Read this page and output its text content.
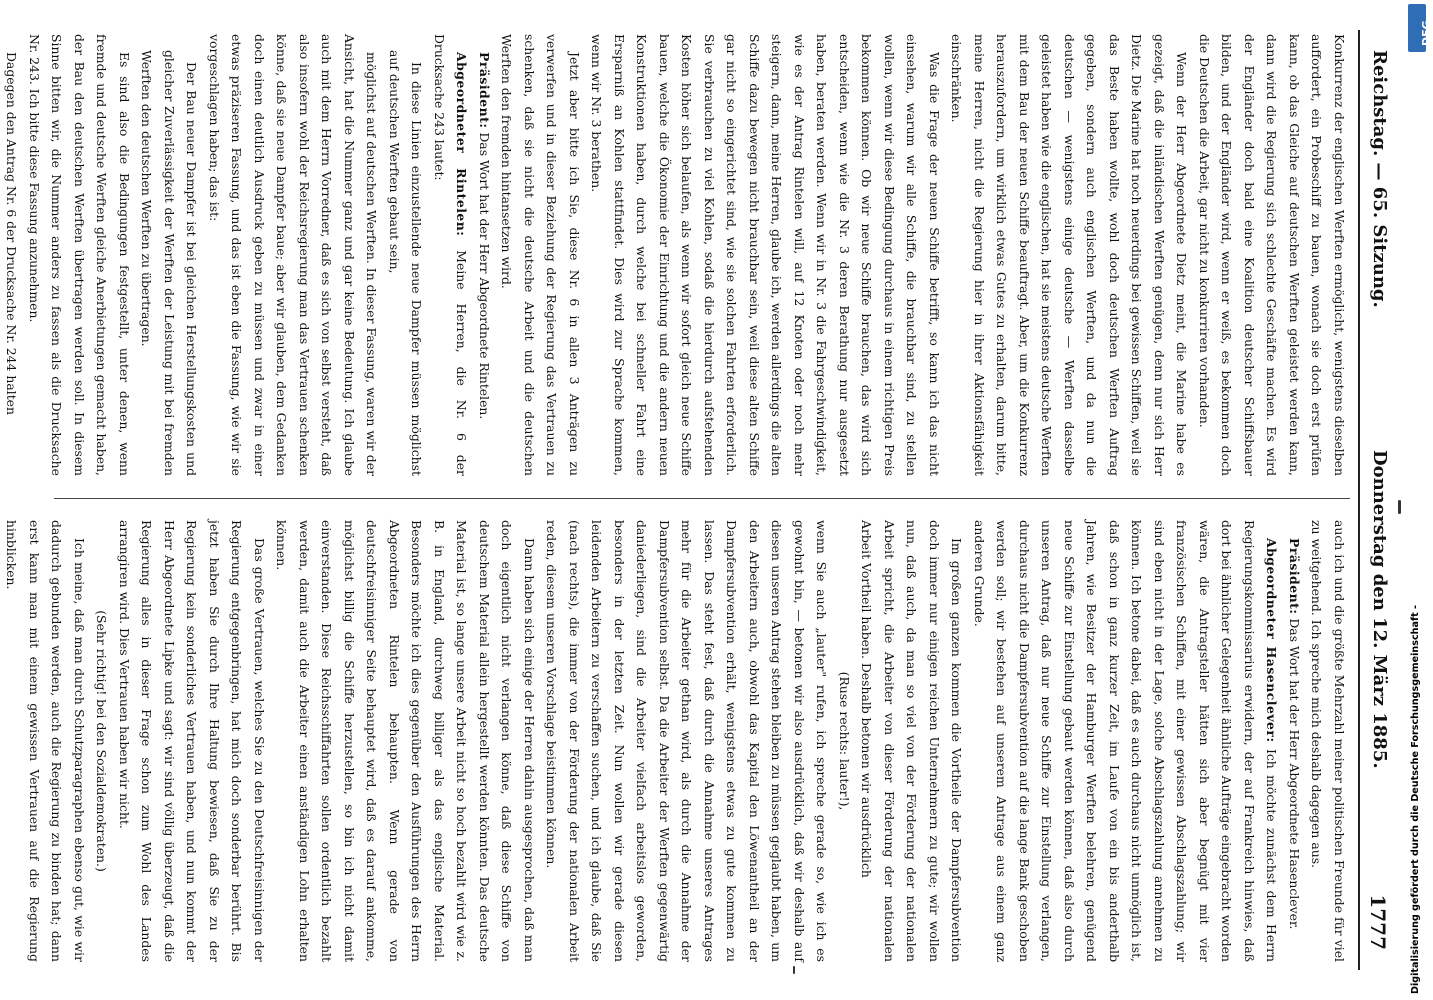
Reichstag. — 65. Sitzung.
Donnerstag den 12. März 1885.
1777

Konkurrenz der englischen Werften ermöglicht, wenigstens dieselben auffordert, ein Probeschiff zu bauen, wonach sie doch erst prüfen kann, ob das Gleiche auf deutschen Werften geleistet werden kann, dann wird die Regierung sich schlechte Geschäfte machen. Es wird der Engländer doch bald eine Koalition deutscher Schiffsbauer bilden, und der Engländer wird, wenn er weiß, es bekommen doch die Deutschen die Arbeit, gar nicht zu konkurriren vorhanden.

Wenn der Herr Abgeordnete Dietz meint, die Marine habe es gezeigt, daß die inländischen Werften genügen, denn nur sich Herr Dietz. Die Marine hat noch neuerdings bei gewissen Schiffen, weil sie das Beste haben wollte, wohl doch deutschen Werften Auftrag gegeben, sondern auch englischen Werften, und da nun die deutschen — wenigstens einige deutsche — Werften dasselbe geleistet haben wie die englischen, hat sie meistens deutsche Werften mit dem Bau der neuen Schiffe beauftragt. Aber, um die Konkurrenz herauszufordern, um wirklich etwas Gutes zu erhalten, darum bitte, meine Herren, nicht die Regierung hier in ihrer Aktionsfähigkeit einschränken.

Was die Frage der neuen Schiffe betrifft, so kann ich das nicht einsehen, warum wir alle Schiffe, die brauchbar sind, zu stellen wollen, wenn wir diese Bedingung durchaus in einem richtigen Preis bekommen können. Ob wir neue Schiffe brauchen, das wird sich entscheiden, wenn wie die Nr. 3 deren Berathung nur ausgesetzt haben, beraten werden. Wenn wir in Nr. 3 die Fahrgeschwindigkeit, wie es der Antrag Rintelen will, auf 12 Knoten oder noch mehr steigern, dann, meine Herren, glaube ich, werden allerdings die alten Schiffe dazu bewegen nicht brauchbar sein, weil diese alten Schiffe gar nicht so eingerichtet sind, wie sie solchen Fahrten erforderlich. Sie verbrauchen zu viel Kohlen, sodaß die hierdurch aufstehenden Kosten höher sich belaufen, als wenn wir sofort gleich neue Schiffe bauen, welche die Ökonomie der Einrichtung und die andern neuen Konstruktionen haben, durch welche bei schneller Fahrt eine Ersparniß an Kohlen stattfindet. Dies wird zur Sprache kommen, wenn wir Nr. 3 berathen.

Jetzt aber bitte ich Sie, diese Nr. 6 in allen 3 Anträgen zu verwerfen und in dieser Beziehung der Regierung das Vertrauen zu schenken, daß sie nicht die deutsche Arbeit und die deutschen Werften den fremden hintansetzen wird.

Präsident: Das Wort hat der Herr Abgeordnete Rintelen.

Abgeordneter Rintelen: Meine Herren, die Nr. 6 der Drucksache 243 lautet:

In diese Linien einzustellende neue Dampfer müssen möglichst auf deutschen Werften gebaut sein,

möglichst auf deutschen Werften. In dieser Fassung, waren wir der Ansicht, hat die Nummer ganz und gar keine Bedeutung. Ich glaube auch mit dem Herrn Vorredner, daß es sich von selbst versteht, daß also insofern wohl der Reichsregierung man das Vertrauen schenken könne, daß sie neue Dampfer baue; aber wir glauben, dem Gedanken doch einen deutlich Ausdruck geben zu müssen und zwar in einer etwas präziseren Fassung, und das ist eben die Fassung, wie wir sie vorgeschlagen haben; das ist:

Der Bau neuer Dampfer ist bei gleichen Herstellungskosten und gleicher Zuverlässigkeit der Werften der Leistung mit bei fremden Werften den deutschen Werften zu übertragen.

Es sind also die Bedingungen festgestellt, unter denen, wenn fremde und deutsche Werften gleiche Anerbietungen gemacht haben, der Bau den deutschen Werften übertragen werden soll. In diesem Sinne bitten wir, die Nummer anders zu fassen als die Drucksache Nr. 243. Ich bitte diese Fassung anzunehmen.

Dagegen den Antrag Nr. 6 der Drucksache Nr. 244 halten

auch ich und die größte Mehrzahl meiner politischen Freunde für viel zu weitgehend. Ich spreche mich deshalb dagegen aus.

Präsident: Das Wort hat der Herr Abgeordnete Hasenclever.

Abgeordneter Hasenclever: Ich möchte zunächst dem Herrn Regierungskommissarius erwidern, der auf Frankreich hinwies, daß dort bei ähnlicher Gelegenheit ähnliche Aufträge eingebracht worden wären, die Antragsteller hätten sich aber begnügt mit vier französischen Schiffen, mit einer gewissen Abschlagszahlung; wir sind eben nicht in der Lage, solche Abschlagszahlung annehmen zu können. Ich betone dabei, daß es auch durchaus nicht unmöglich ist, daß schon in ganz kurzer Zeit, im Laufe von ein bis anderthalb Jahren, wie Besitzer der Hamburger Werften belehren, genügend neue Schiffe zur Einstellung gebaut werden können, daß also durch unseren Antrag, daß nur neue Schiffe zur Einstellung verlangen, durchaus nicht die Dampfersubvention auf die lange Bank geschoben werden soll; wir bestehen auf unserem Antrage aus einem ganz anderen Grunde.

Im großen ganzen kommen die Vortheile der Dampfersubvention doch immer nur einigen reichen Unternehmern zu gute; wir wollen nun, daß auch, da man so viel von der Förderung der nationalen Arbeit spricht, die Arbeiter von dieser Förderung der nationalen Arbeit Vortheil haben. Deshalb betonen wir ausdrücklich

(Ruse rechts: lauter!),

wenn Sie auch „lauter" rufen, ich spreche gerade so, wie ich es gewohnt bin, — betonen wir also ausdrücklich, daß wir deshalb auf diesen unseren Antrag stehen bleiben zu müssen geglaubt haben, um den Arbeitern auch, obwohl das Kapital den Löwenantheil an der Dampfersubvention erhält, wenigstens etwas zu gute kommen zu lassen. Das steht fest, daß durch die Annahme unseres Antrages mehr für die Arbeiter gethan wird, als durch die Annahme der Dampfersubvention selbst. Da die Arbeiter der Werften gegenwärtig daniederliegen, sind die Arbeiter vielfach arbeitslos geworden, besonders in der letzten Zeit. Nun wollen wir gerade diesen leidenden Arbeitern zu verschaffen suchen, und ich glaube, daß Sie (nach rechts), die immer von der Förderung der nationalen Arbeit reden, diesem unseren Vorschlage beistimmen können.

Dann haben sich einige der Herren dahin ausgesprochen, daß man doch eigentlich nicht verlangen könne, daß diese Schiffe von deutschem Material allein hergestellt werden könnten. Das deutsche Material ist, so lange unsere Arbeit nicht so hoch bezahlt wird wie z. B. in England, durchweg billiger als das englische Material. Besonders möchte ich dies gegenüber den Ausführungen des Herrn Abgeordneten Rintelen behaupten. Wenn gerade von deutschfreisinniger Seite behauptet wird, daß es darauf ankomme, möglichst billig die Schiffe herzustellen, so bin ich nicht damit einverstanden. Diese Reichsschiffahrten sollen ordentlich bezahlt werden, damit auch die Arbeiter einen anständigen Lohn erhalten können.

Das große Vertrauen, welches Sie zu den Deutschfreisinnigen der Regierung entgegenbringen, hat mich doch sonderbar berührt. Bis jetzt haben Sie durch Ihre Haltung bewiesen, daß Sie zu der Regierung kein sonderliches Vertrauen haben, und nun kommt der Herr Abgeordnete Lipke und sagt: wir sind völlig überzeugt, daß die Regierung alles in dieser Frage schon zum Wohl des Landes arrangiren wird. Dies Vertrauen haben wir nicht.

(Sehr richtig! bei den Sozialdemokraten.)

Ich meine, daß man durch Schutzparagraphen ebenso gut, wie wir dadurch gebunden werden, auch die Regierung zu binden hat; dann erst kann man mit einem gewissen Vertrauen auf die Regierung hinblicken.

Digitalisierung gefördert durch die Deutsche Forschungsgemeinschaft -
DFG
